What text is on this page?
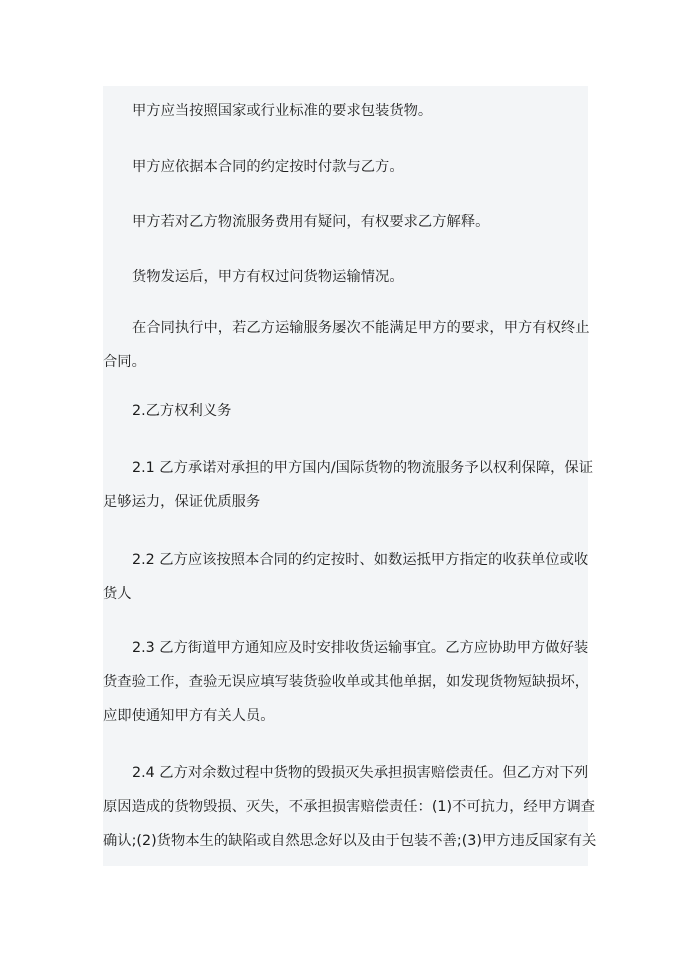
甲方应当按照国家或行业标准的要求包装货物。

甲方应依据本合同的约定按时付款与乙方。

甲方若对乙方物流服务费用有疑问，有权要求乙方解释。

货物发运后，甲方有权过问货物运输情况。

在合同执行中，若乙方运输服务屡次不能满足甲方的要求，甲方有权终止
合同。

2.乙方权利义务

2.1 乙方承诺对承担的甲方国内/国际货物的物流服务予以权利保障，保证
足够运力，保证优质服务

2.2 乙方应该按照本合同的约定按时、如数运抵甲方指定的收获单位或收
货人

2.3 乙方街道甲方通知应及时安排收货运输事宜。乙方应协助甲方做好装
货查验工作，查验无误应填写装货验收单或其他单据，如发现货物短缺损坏，
应即使通知甲方有关人员。

2.4 乙方对余数过程中货物的毁损灭失承担损害赔偿责任。但乙方对下列
原因造成的货物毁损、灭失，不承担损害赔偿责任：(1)不可抗力，经甲方调查
确认;(2)货物本生的缺陷或自然思念好以及由于包装不善;(3)甲方违反国家有关
